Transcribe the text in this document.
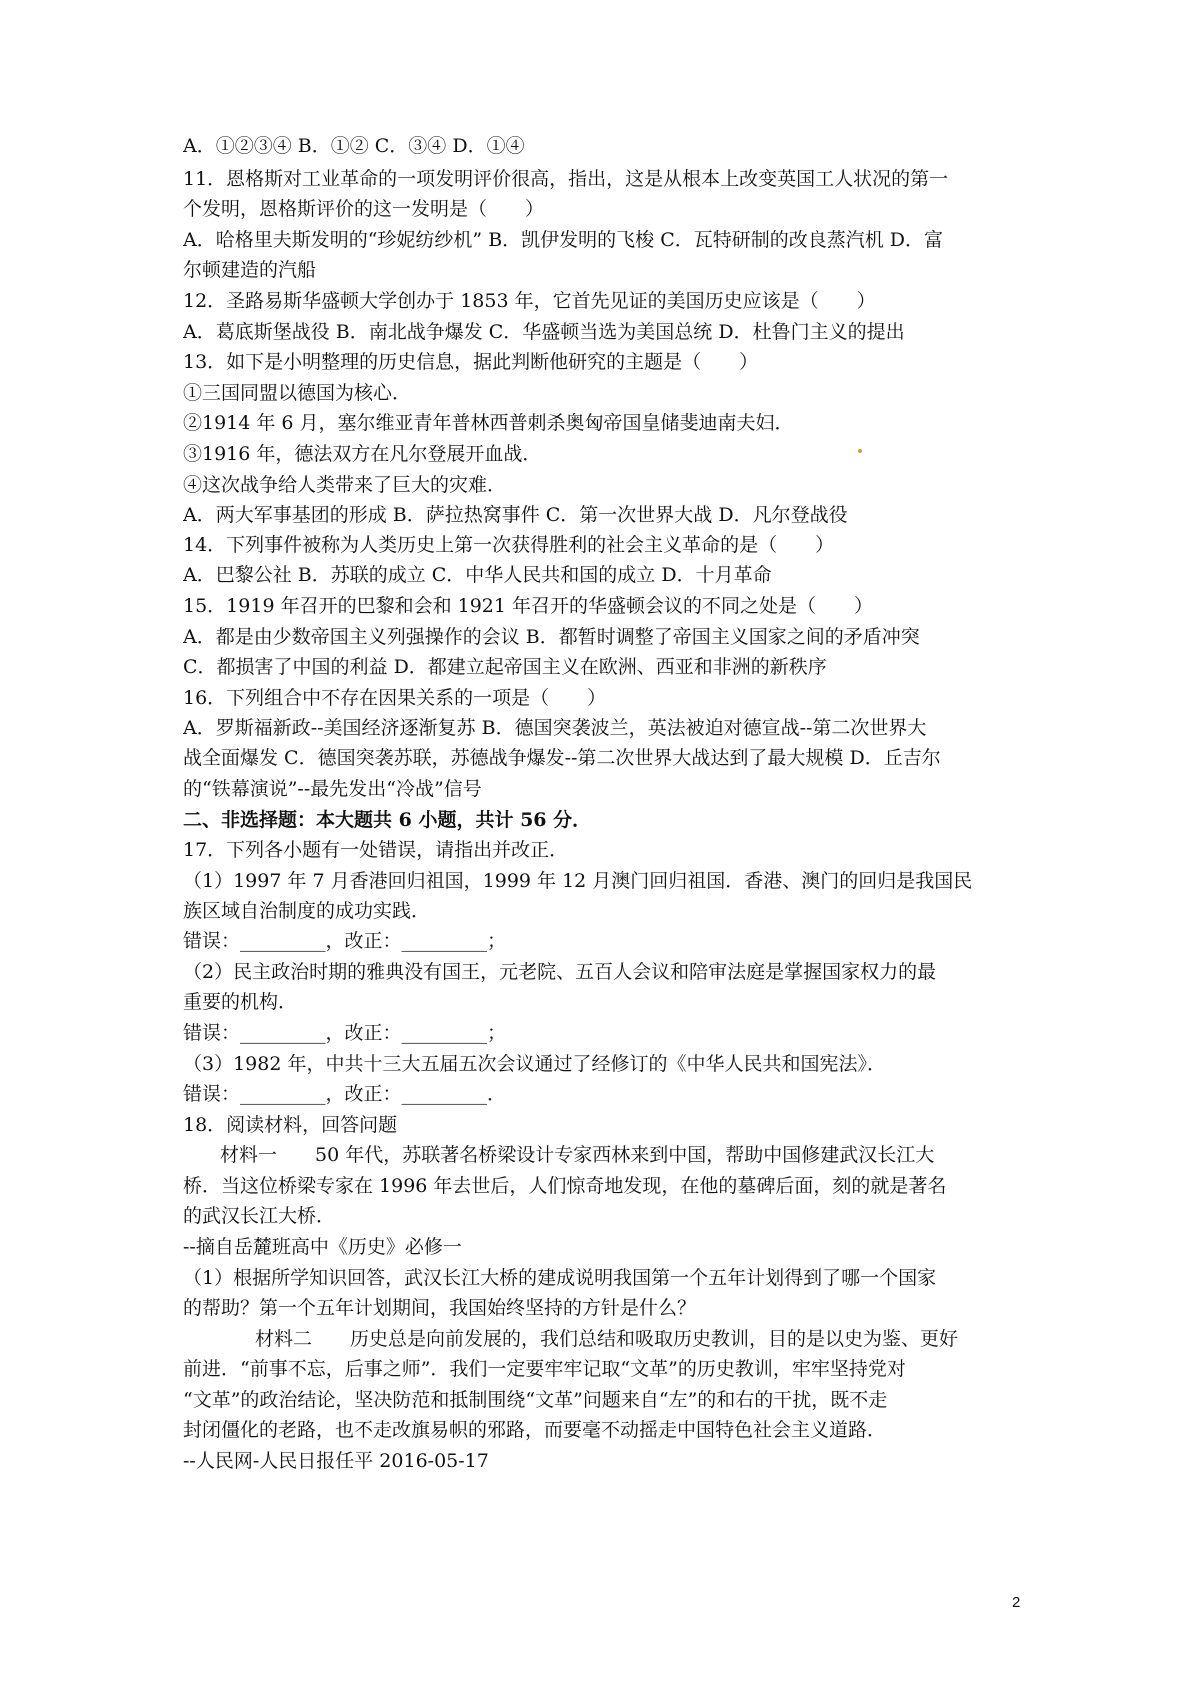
A．①②③④ B．①② C．③④ D．①④
11．恩格斯对工业革命的一项发明评价很高，指出，这是从根本上改变英国工人状况的第一
个发明，恩格斯评价的这一发明是（　　）
A．哈格里夫斯发明的“珍妮纺纱机” B．凯伊发明的飞梭 C．瓦特研制的改良蒸汽机 D．富
尔顿建造的汽船
12．圣路易斯华盛顿大学创办于 1853 年，它首先见证的美国历史应该是（　　）
A．葛底斯堡战役 B．南北战争爆发 C．华盛顿当选为美国总统 D．杜鲁门主义的提出
13．如下是小明整理的历史信息，据此判断他研究的主题是（　　）
①三国同盟以德国为核心．
②1914 年 6 月，塞尔维亚青年普林西普刺杀奥匈帝国皇储斐迪南夫妇．
③1916 年，德法双方在凡尔登展开血战．
④这次战争给人类带来了巨大的灾难．
A．两大军事基团的形成 B．萨拉热窝事件 C．第一次世界大战 D．凡尔登战役
14．下列事件被称为人类历史上第一次获得胜利的社会主义革命的是（　　）
A．巴黎公社 B．苏联的成立 C．中华人民共和国的成立 D．十月革命
15．1919 年召开的巴黎和会和 1921 年召开的华盛顿会议的不同之处是（　　）
A．都是由少数帝国主义列强操作的会议 B．都暂时调整了帝国主义国家之间的矛盾冲突
C．都损害了中国的利益 D．都建立起帝国主义在欧洲、西亚和非洲的新秩序
16．下列组合中不存在因果关系的一项是（　　）
A．罗斯福新政--美国经济逐渐复苏 B．德国突袭波兰，英法被迫对德宣战--第二次世界大
战全面爆发 C．德国突袭苏联，苏德战争爆发--第二次世界大战达到了最大规模 D．丘吉尔
的“铁幕演说”--最先发出“冷战”信号
二、非选择题：本大题共 6 小题，共计 56 分．
17．下列各小题有一处错误，请指出并改正．
（1）1997 年 7 月香港回归祖国，1999 年 12 月澳门回归祖国．香港、澳门的回归是我国民
族区域自治制度的成功实践．
错误：_________，改正：_________；
（2）民主政治时期的雅典没有国王，元老院、五百人会议和陪审法庭是掌握国家权力的最
重要的机构．
错误：_________，改正：_________；
（3）1982 年，中共十三大五届五次会议通过了经修订的《中华人民共和国宪法》．
错误：_________，改正：_________．
18．阅读材料，回答问题
材料一　　50 年代，苏联著名桥梁设计专家西林来到中国，帮助中国修建武汉长江大
桥．当这位桥梁专家在 1996 年去世后，人们惊奇地发现，在他的墓碑后面，刻的就是著名
的武汉长江大桥．
--摘自岳麓班高中《历史》必修一
（1）根据所学知识回答，武汉长江大桥的建成说明我国第一个五年计划得到了哪一个国家
的帮助？第一个五年计划期间，我国始终坚持的方针是什么？
材料二　　历史总是向前发展的，我们总结和吸取历史教训，目的是以史为鉴、更好
前进．“前事不忘，后事之师”．我们一定要牢牢记取“文革”的历史教训，牢牢坚持党对
“文革”的政治结论，坚决防范和抵制围绕“文革”问题来自“左”的和右的干扰，既不走
封闭僵化的老路，也不走改旗易帜的邪路，而要毫不动摇走中国特色社会主义道路．
--人民网-人民日报任平 2016-05-17
2
